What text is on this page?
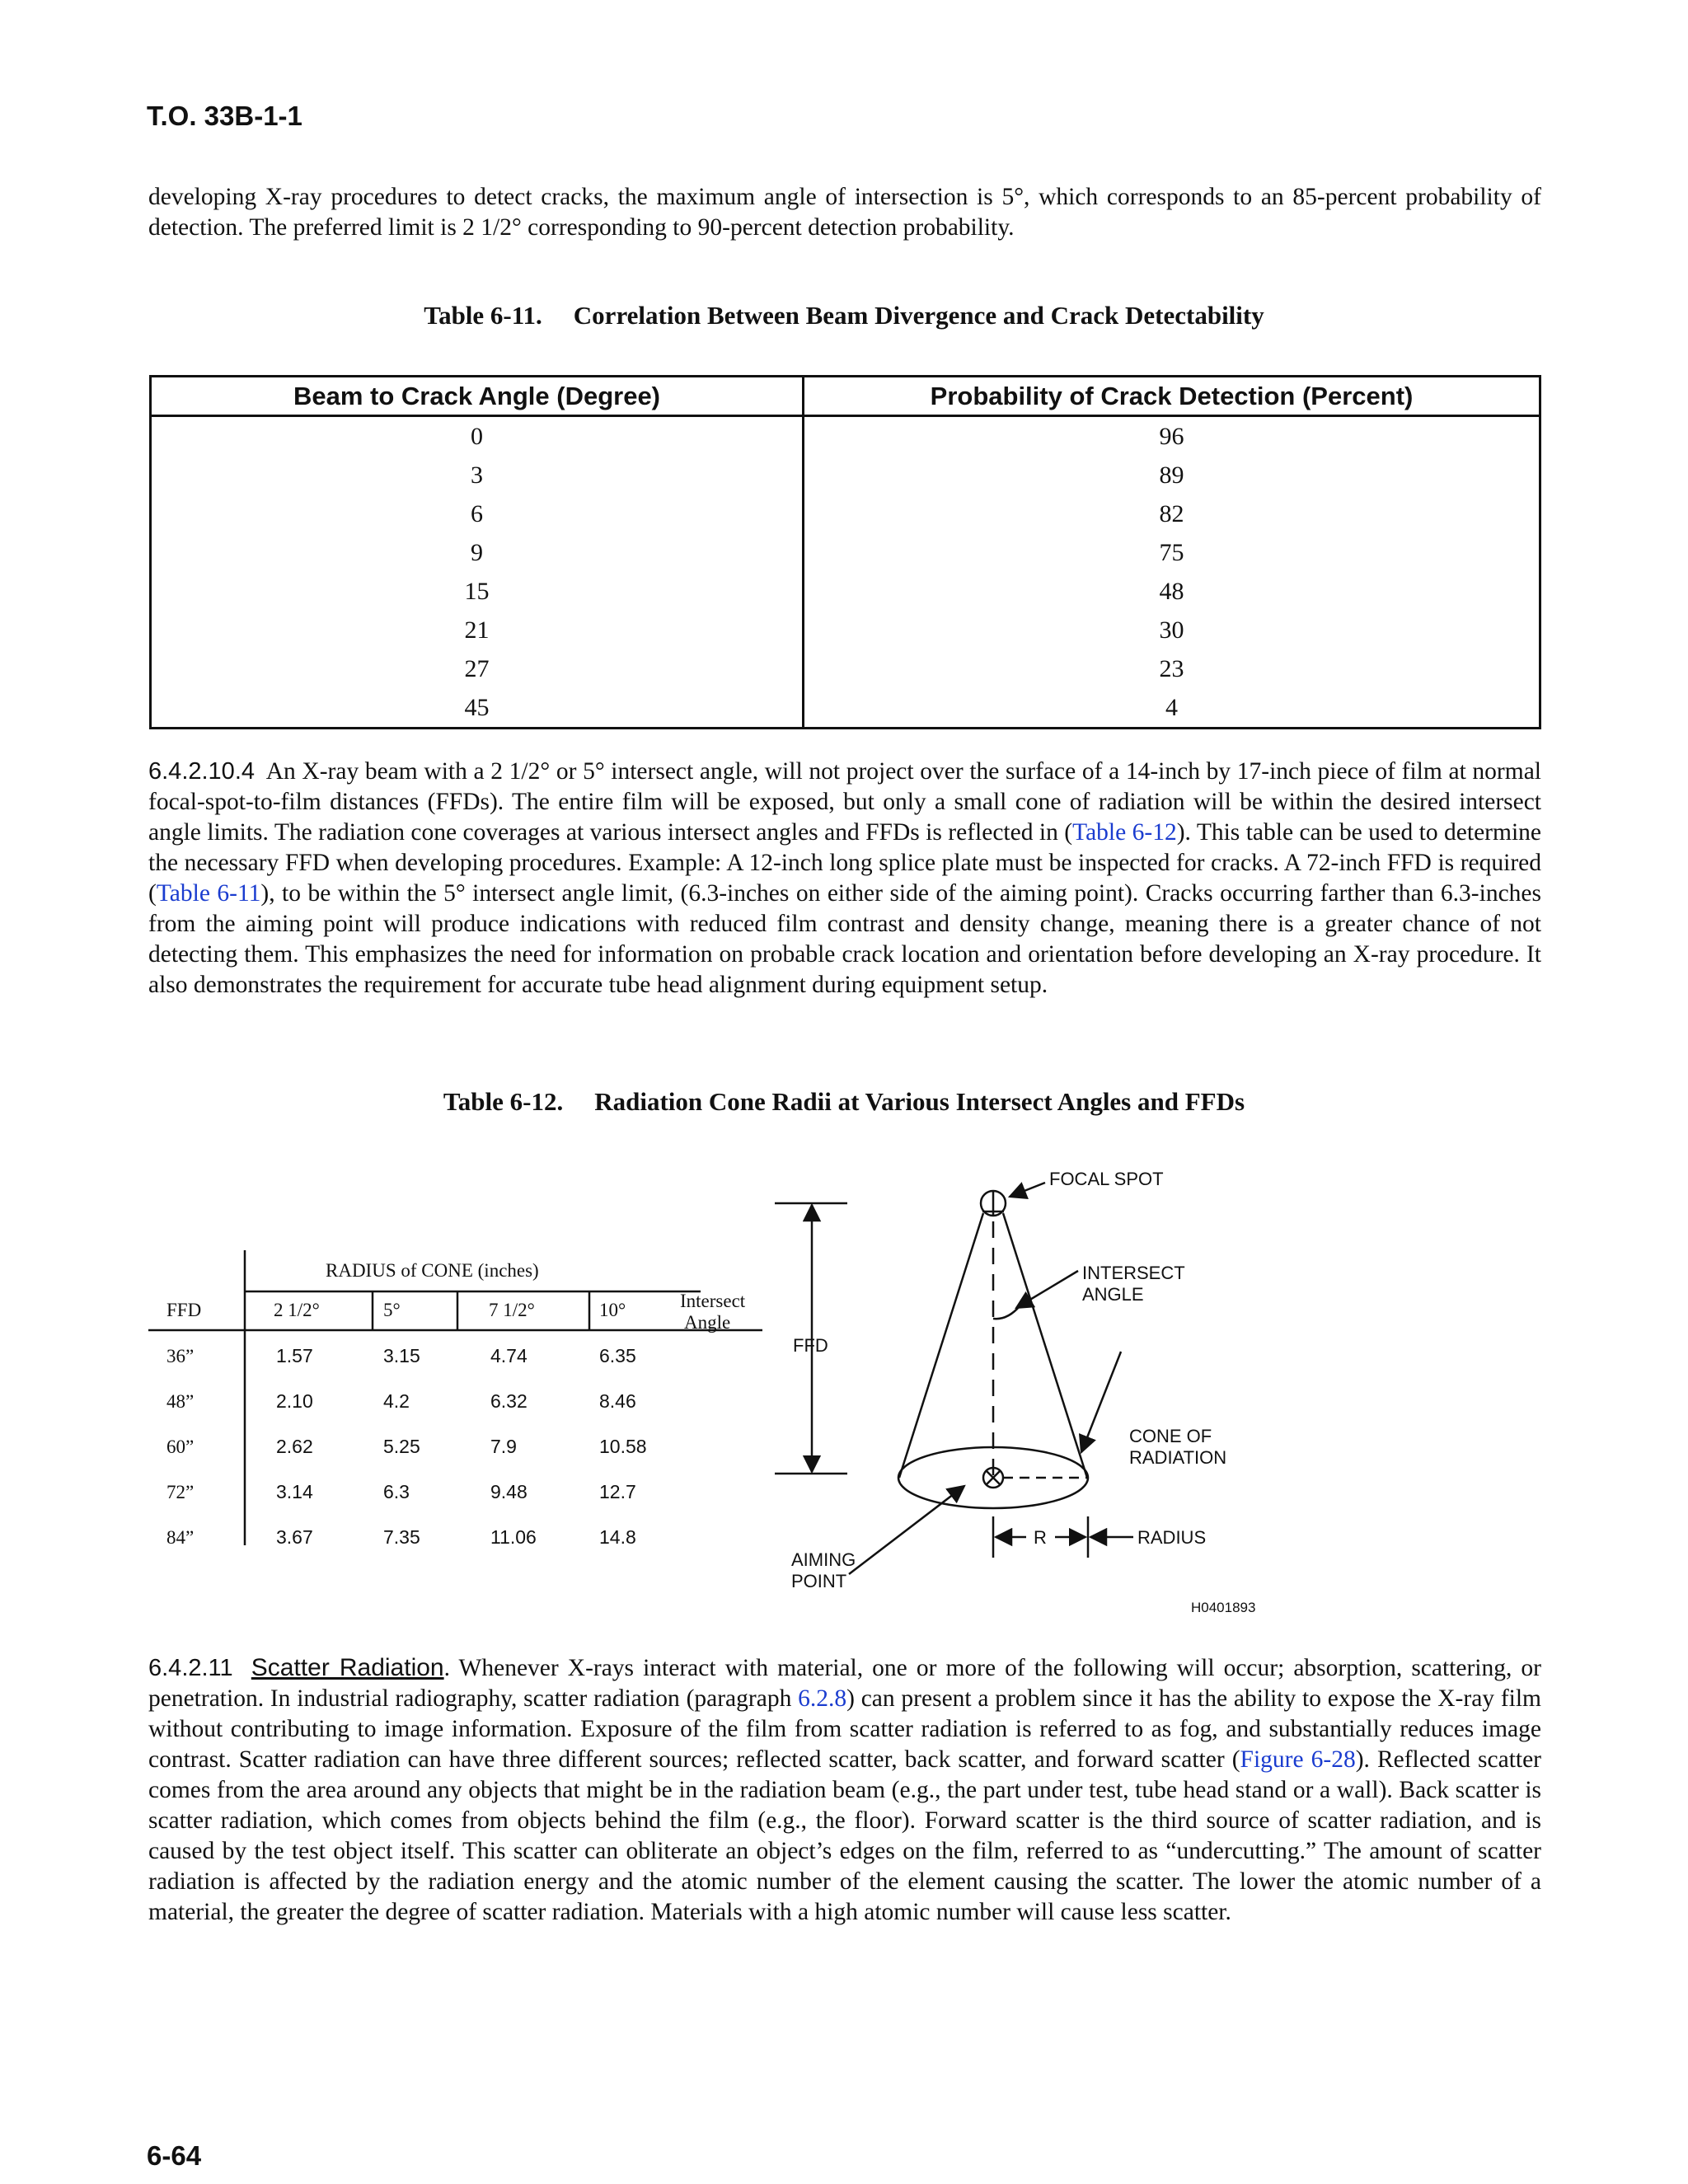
T.O. 33B-1-1
developing X-ray procedures to detect cracks, the maximum angle of intersection is 5°, which corresponds to an 85-percent probability of detection. The preferred limit is 2 1/2° corresponding to 90-percent detection probability.
Table 6-11. Correlation Between Beam Divergence and Crack Detectability
Beam to Crack Angle (Degree)	Probability of Crack Detection (Percent)
0	96
3	89
6	82
9	75
15	48
21	30
27	23
45	4
6.4.2.10.4 An X-ray beam with a 2 1/2° or 5° intersect angle, will not project over the surface of a 14-inch by 17-inch piece of film at normal focal-spot-to-film distances (FFDs). The entire film will be exposed, but only a small cone of radiation will be within the desired intersect angle limits. The radiation cone coverages at various intersect angles and FFDs is reflected in (Table 6-12). This table can be used to determine the necessary FFD when developing procedures. Example: A 12-inch long splice plate must be inspected for cracks. A 72-inch FFD is required (Table 6-11), to be within the 5° intersect angle limit, (6.3-inches on either side of the aiming point). Cracks occurring farther than 6.3-inches from the aiming point will produce indications with reduced film contrast and density change, meaning there is a greater chance of not detecting them. This emphasizes the need for information on probable crack location and orientation before developing an X-ray procedure. It also demonstrates the requirement for accurate tube head alignment during equipment setup.
Table 6-12. Radiation Cone Radii at Various Intersect Angles and FFDs
RADIUS of CONE (inches)
FFD	2 1/2°	5°	7 1/2°	10°	Intersect
Angle
36”	1.57	3.15	4.74	6.35
48”	2.10	4.2	6.32	8.46
60”	2.62	5.25	7.9	10.58
72”	3.14	6.3	9.48	12.7
84”	3.67	7.35	11.06	14.8
FOCAL SPOT
INTERSECT
ANGLE
FFD
CONE OF
RADIATION
AIMING
POINT
R	RADIUS
H0401893
6.4.2.11 Scatter Radiation. Whenever X-rays interact with material, one or more of the following will occur; absorption, scattering, or penetration. In industrial radiography, scatter radiation (paragraph 6.2.8) can present a problem since it has the ability to expose the X-ray film without contributing to image information. Exposure of the film from scatter radiation is referred to as fog, and substantially reduces image contrast. Scatter radiation can have three different sources; reflected scatter, back scatter, and forward scatter (Figure 6-28). Reflected scatter comes from the area around any objects that might be in the radiation beam (e.g., the part under test, tube head stand or a wall). Back scatter is scatter radiation, which comes from objects behind the film (e.g., the floor). Forward scatter is the third source of scatter radiation, and is caused by the test object itself. This scatter can obliterate an object’s edges on the film, referred to as “undercutting.” The amount of scatter radiation is affected by the radiation energy and the atomic number of the element causing the scatter. The lower the atomic number of a material, the greater the degree of scatter radiation. Materials with a high atomic number will cause less scatter.
6-64
